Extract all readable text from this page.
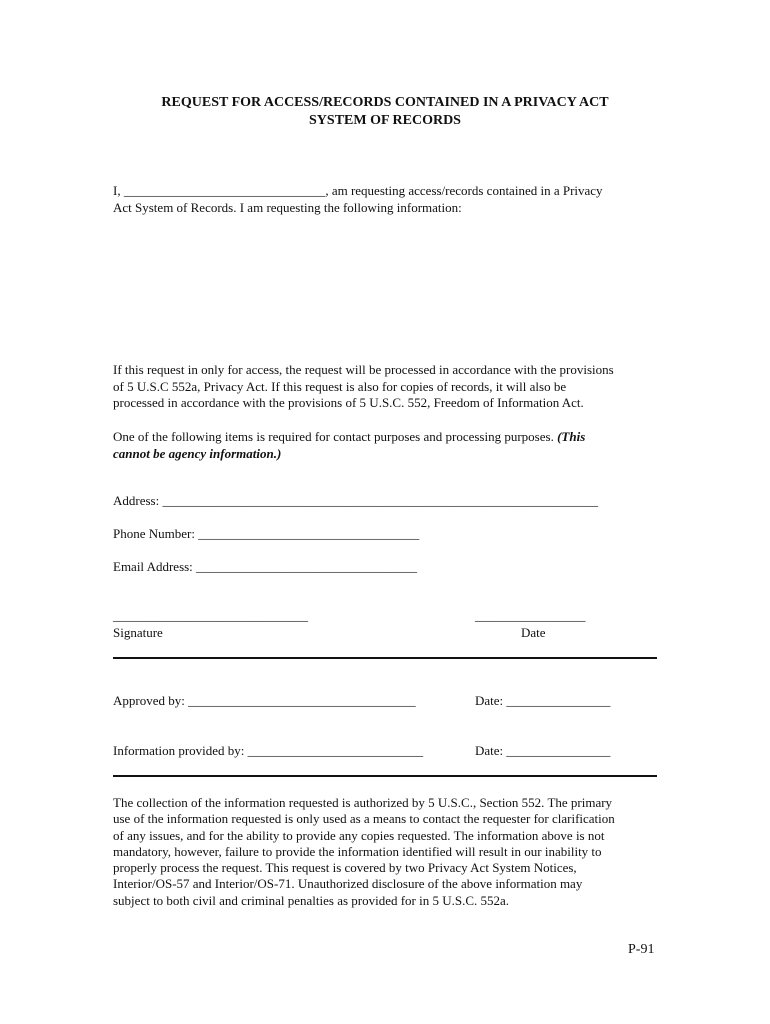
REQUEST FOR ACCESS/RECORDS CONTAINED IN A PRIVACY ACT
SYSTEM OF RECORDS
I, _______________________________, am requesting access/records contained in a Privacy
Act System of Records. I am requesting the following information:
If this request in only for access, the request will be processed in accordance with the provisions
of 5 U.S.C 552a, Privacy Act. If this request is also for copies of records, it will also be
processed in accordance with the provisions of 5 U.S.C. 552, Freedom of Information Act.
One of the following items is required for contact purposes and processing purposes. (This
cannot be agency information.)
Address: ___________________________________________________________________
Phone Number: __________________________________
Email Address: __________________________________
______________________________
Signature
_________________
Date
Approved by: ___________________________________	Date: ________________
Information provided by: ___________________________	Date: ________________
The collection of the information requested is authorized by 5 U.S.C., Section 552. The primary
use of the information requested is only used as a means to contact the requester for clarification
of any issues, and for the ability to provide any copies requested. The information above is not
mandatory, however, failure to provide the information identified will result in our inability to
properly process the request. This request is covered by two Privacy Act System Notices,
Interior/OS-57 and Interior/OS-71. Unauthorized disclosure of the above information may
subject to both civil and criminal penalties as provided for in 5 U.S.C. 552a.
P-91
